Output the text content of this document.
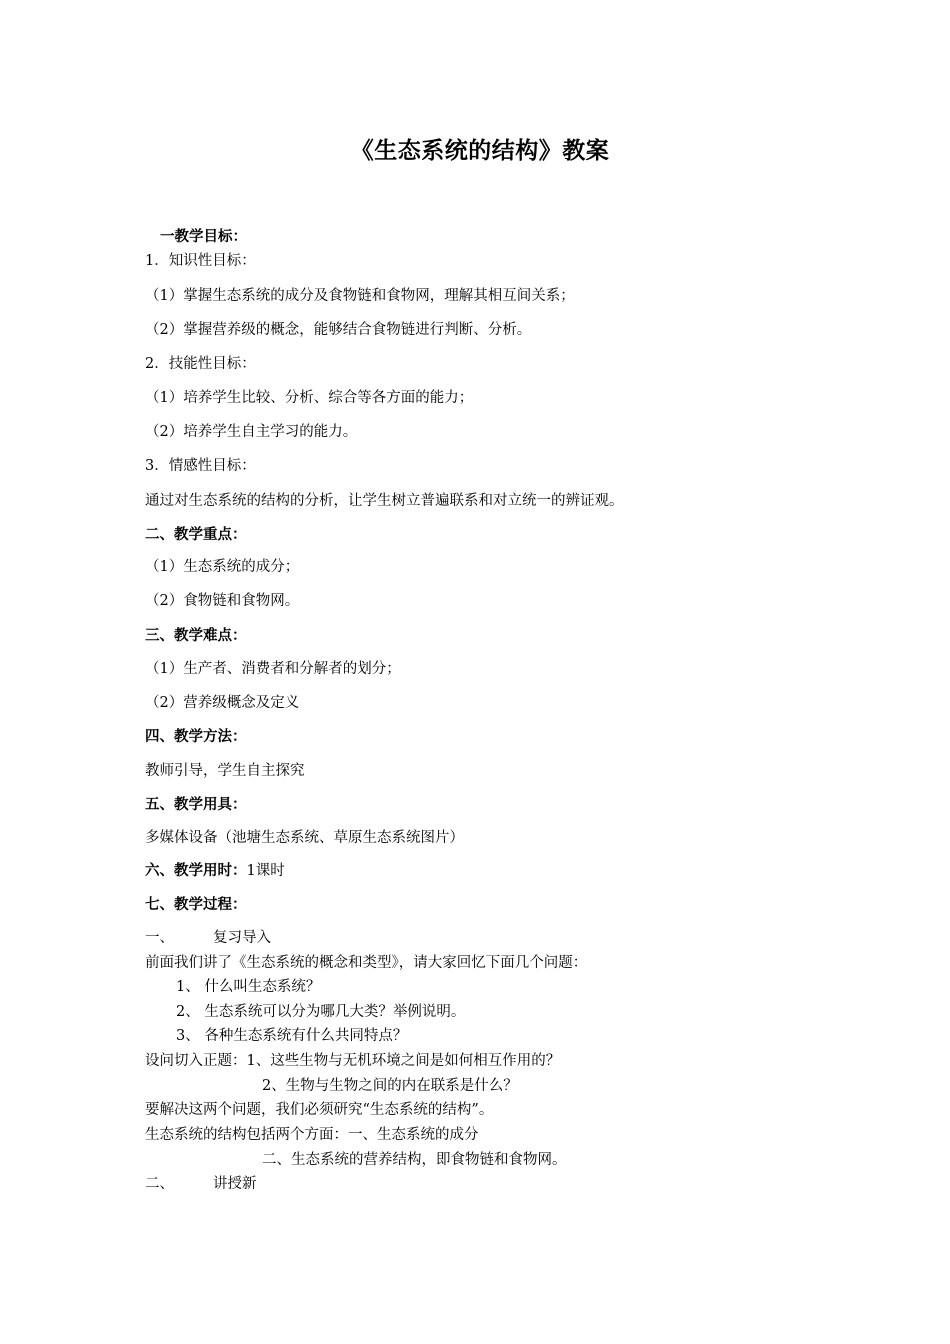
《生态系统的结构》教案
一教学目标：
1．知识性目标：
（1）掌握生态系统的成分及食物链和食物网，理解其相互间关系；
（2）掌握营养级的概念，能够结合食物链进行判断、分析。
2．技能性目标：
（1）培养学生比较、分析、综合等各方面的能力；
（2）培养学生自主学习的能力。
3．情感性目标：
通过对生态系统的结构的分析，让学生树立普遍联系和对立统一的辨证观。
二、教学重点：
（1）生态系统的成分；
（2）食物链和食物网。
三、教学难点：
（1）生产者、消费者和分解者的划分；
（2）营养级概念及定义
四、教学方法：
教师引导，学生自主探究
五、教学用具：
多媒体设备（池塘生态系统、草原生态系统图片）
六、教学用时：1课时
七、教学过程：
一、	复习导入
前面我们讲了《生态系统的概念和类型》，请大家回忆下面几个问题：
1、 什么叫生态系统？
2、 生态系统可以分为哪几大类？举例说明。
3、 各种生态系统有什么共同特点？
设问切入正题：1、这些生物与无机环境之间是如何相互作用的？
2、生物与生物之间的内在联系是什么？
要解决这两个问题，我们必须研究“生态系统的结构”。
生态系统的结构包括两个方面：一、生态系统的成分
二、生态系统的营养结构，即食物链和食物网。
二、	讲授新
